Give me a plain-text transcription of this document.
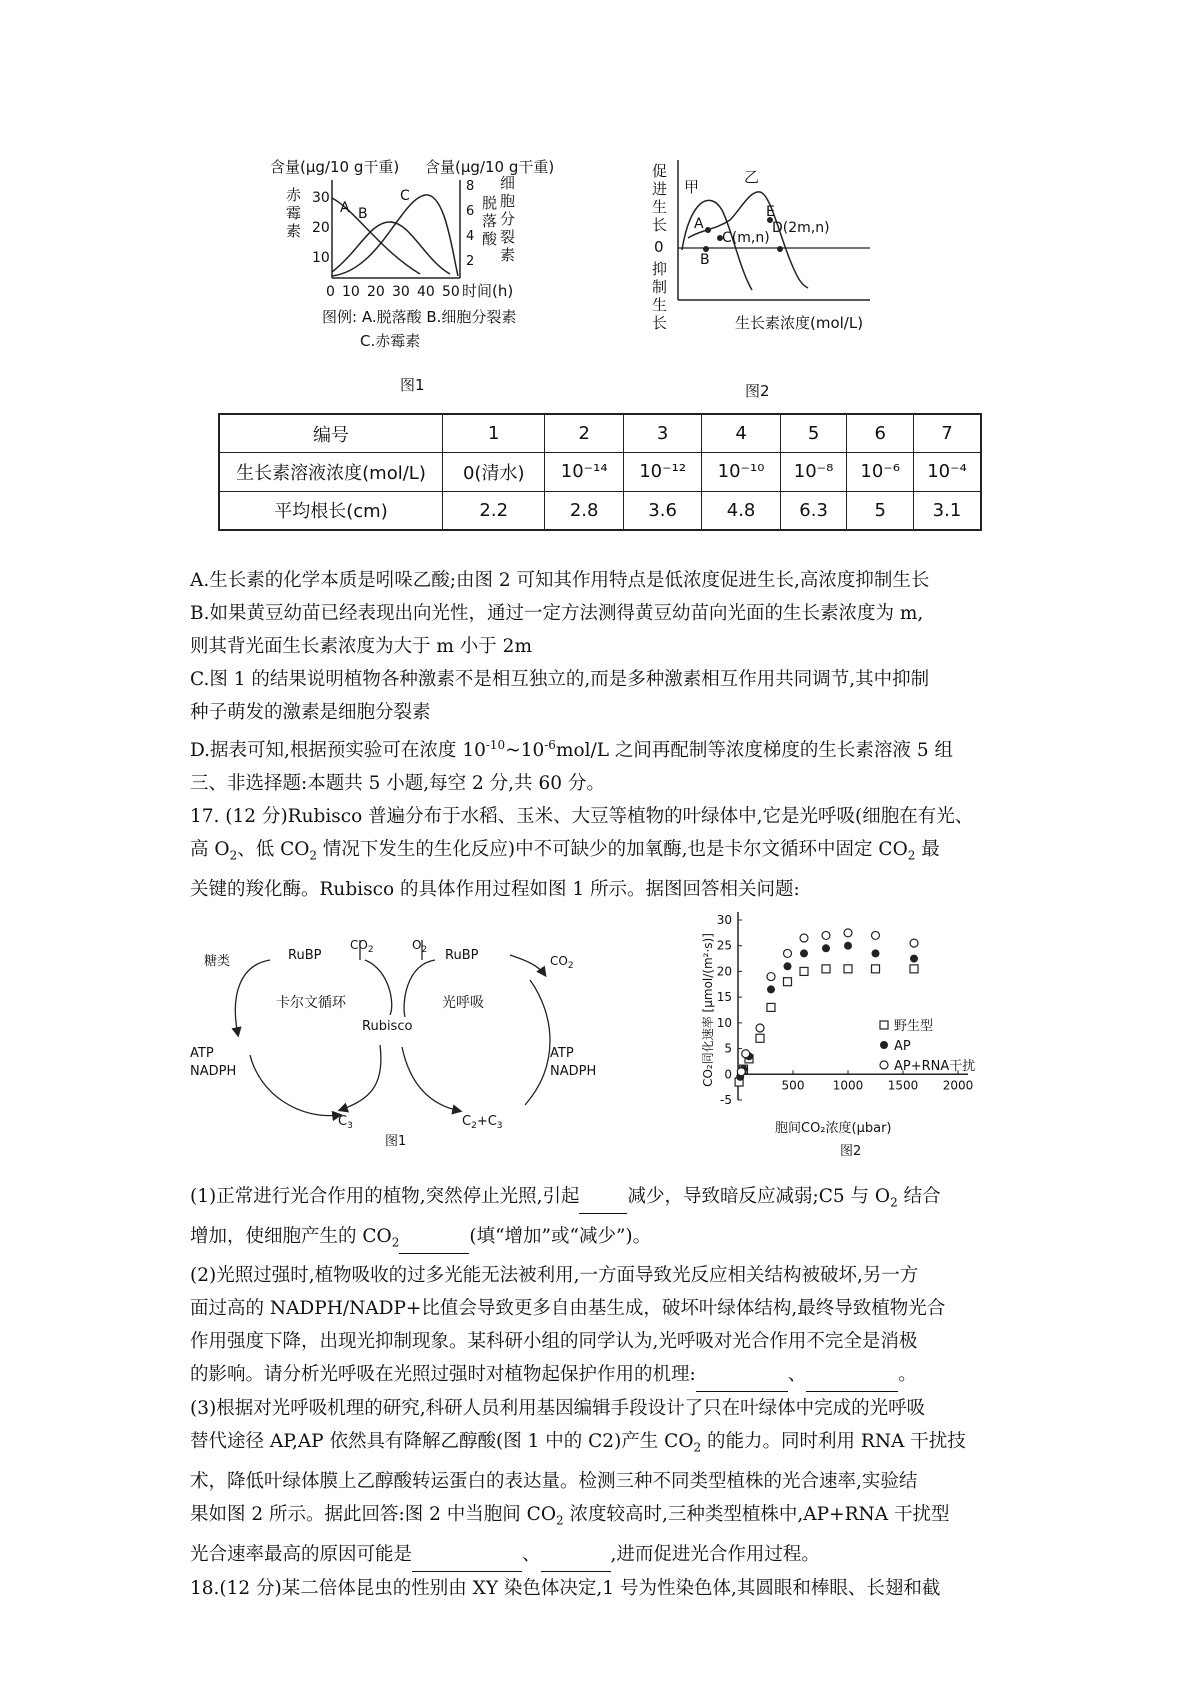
含量(μg/10 g干重) 含量(μg/10 g干重)
赤
霉
素
30
20
10
8
6
4
2
脱
落
酸
细
胞
分
裂
素
A B
C
0 10 20 30 40 50 时间(h)
图例: A.脱落酸 B.细胞分裂素
C.赤霉素
图1
促
进
生
长
0
抑
制
生
长
甲
乙
A
B
C(m,n)
E
D(2m,n)
生长素浓度(mol/L)
图2
编号	1	2	3	4	5	6	7
生长素溶液浓度(mol/L)	0(清水)	10⁻¹⁴	10⁻¹²	10⁻¹⁰	10⁻⁸	10⁻⁶	10⁻⁴
平均根长(cm)	2.2	2.8	3.6	4.8	6.3	5	3.1

A.生长素的化学本质是吲哚乙酸;由图 2 可知其作用特点是低浓度促进生长,高浓度抑制生长

B.如果黄豆幼苗已经表现出向光性，通过一定方法测得黄豆幼苗向光面的生长素浓度为 m,

则其背光面生长素浓度为大于 m 小于 2m

C.图 1 的结果说明植物各种激素不是相互独立的,而是多种激素相互作用共同调节,其中抑制

种子萌发的激素是细胞分裂素

D.据表可知,根据预实验可在浓度 $10^{-10}\sim 10^{-6}mol/L$ 之间再配制等浓度梯度的生长素溶液 5 组

三、非选择题:本题共 5 小题,每空 2 分,共 60 分。

17. (12 分)Rubisco 普遍分布于水稻、玉米、大豆等植物的叶绿体中,它是光呼吸(细胞在有光、

高 $O_2$、低 $CO_2$ 情况下发生的生化反应)中不可缺少的加氧酶,也是卡尔文循环中固定 $CO_2$ 最

关键的羧化酶。Rubisco 的具体作用过程如图 1 所示。据图回答相关问题:

糖类	RuBP
$CO_2$	$O_2$ RuBP	$CO_2$
卡尔文循环	光呼吸
Rubisco
ATP
NADPH
ATP
NADPH
$C_3$	$C_2+C_3$
图1
CO₂同化速率 [μmol/(m²·s)]
胞间CO₂浓度(μbar)
图2
30
25
20
15
10
5
0
-5
500 1000 1500 2000
野生型
AP
AP+RNA干扰

(1)正常进行光合作用的植物,突然停止光照,引起	减少，导致暗反应减弱;C5 与 $O_2$ 结合

增加，使细胞产生的 $CO_2$	(填“增加”或“减少”)。

(2)光照过强时,植物吸收的过多光能无法被利用,一方面导致光反应相关结构被破坏,另一方

面过高的 NADPH/NADP+比值会导致更多自由基生成，破坏叶绿体结构,最终导致植物光合

作用强度下降，出现光抑制现象。某科研小组的同学认为,光呼吸对光合作用不完全是消极

的影响。请分析光呼吸在光照过强时对植物起保护作用的机理:	、	。

(3)根据对光呼吸机理的研究,科研人员利用基因编辑手段设计了只在叶绿体中完成的光呼吸

替代途径 AP,AP 依然具有降解乙醇酸(图 1 中的 C2)产生 $CO_2$ 的能力。同时利用 RNA 干扰技

术，降低叶绿体膜上乙醇酸转运蛋白的表达量。检测三种不同类型植株的光合速率,实验结

果如图 2 所示。据此回答:图 2 中当胞间 $CO_2$ 浓度较高时,三种类型植株中,AP+RNA 干扰型

光合速率最高的原因可能是	、	,进而促进光合作用过程。

18.(12 分)某二倍体昆虫的性别由 XY 染色体决定,1 号为性染色体,其圆眼和棒眼、长翅和截
